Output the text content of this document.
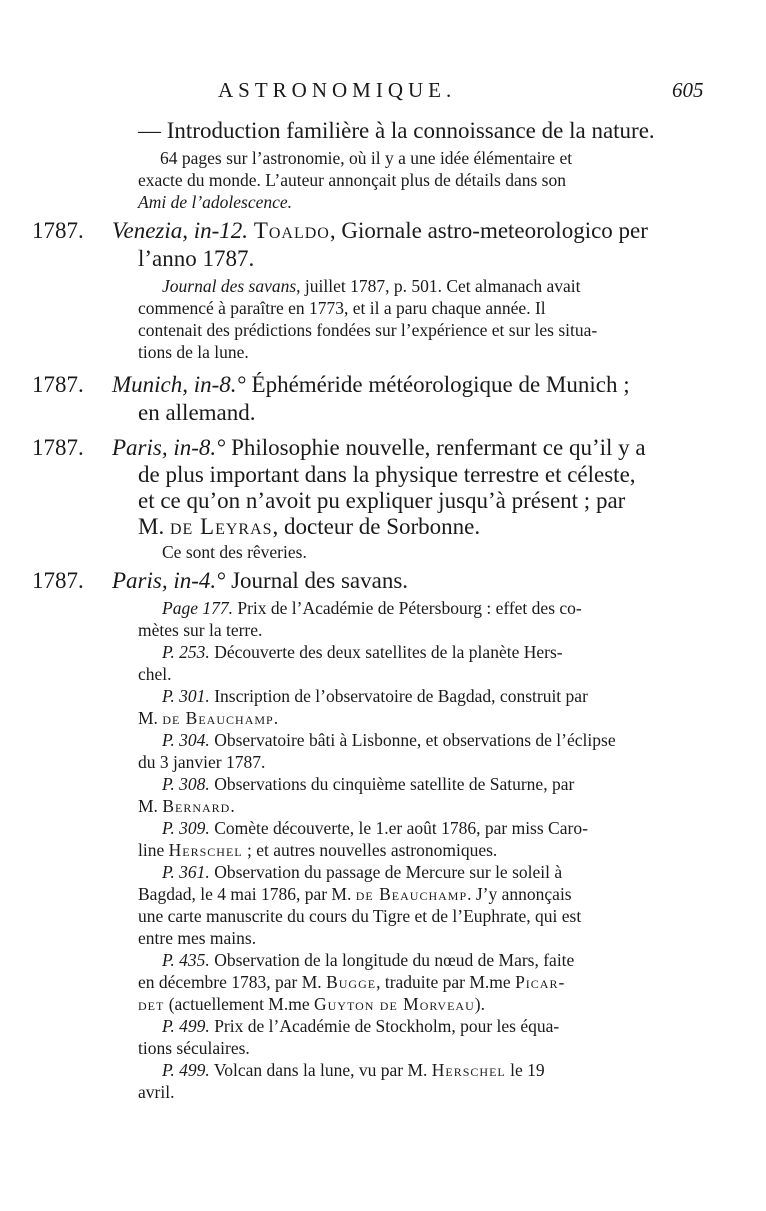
ASTRONOMIQUE.	605
— Introduction familière à la connoissance de la nature.
64 pages sur l’astronomie, où il y a une idée élémentaire et
exacte du monde. L’auteur annonçait plus de détails dans son
Ami de l’adolescence.
1787. Venezia, in-12. Toaldo, Giornale astro-meteorologico per
l’anno 1787.
Journal des savans, juillet 1787, p. 501. Cet almanach avait
commencé à paraître en 1773, et il a paru chaque année. Il
contenait des prédictions fondées sur l’expérience et sur les situa-
tions de la lune.
1787. Munich, in-8.° Éphéméride météorologique de Munich ;
en allemand.
1787. Paris, in-8.° Philosophie nouvelle, renfermant ce qu’il y a
de plus important dans la physique terrestre et céleste,
et ce qu’on n’avoit pu expliquer jusqu’à présent ; par
M. de Leyras, docteur de Sorbonne.
Ce sont des rêveries.
1787. Paris, in-4.° Journal des savans.
Page 177. Prix de l’Académie de Pétersbourg : effet des co-
mètes sur la terre.
P. 253. Découverte des deux satellites de la planète Hers-
chel.
P. 301. Inscription de l’observatoire de Bagdad, construit par
M. de Beauchamp.
P. 304. Observatoire bâti à Lisbonne, et observations de l’éclipse
du 3 janvier 1787.
P. 308. Observations du cinquième satellite de Saturne, par
M. Bernard.
P. 309. Comète découverte, le 1.er août 1786, par miss Caro-
line Herschel ; et autres nouvelles astronomiques.
P. 361. Observation du passage de Mercure sur le soleil à
Bagdad, le 4 mai 1786, par M. de Beauchamp. J’y annonçais
une carte manuscrite du cours du Tigre et de l’Euphrate, qui est
entre mes mains.
P. 435. Observation de la longitude du nœud de Mars, faite
en décembre 1783, par M. Bugge, traduite par M.me Picar-
det (actuellement M.me Guyton de Morveau).
P. 499. Prix de l’Académie de Stockholm, pour les équa-
tions séculaires.
P. 499. Volcan dans la lune, vu par M. Herschel le 19
avril.
